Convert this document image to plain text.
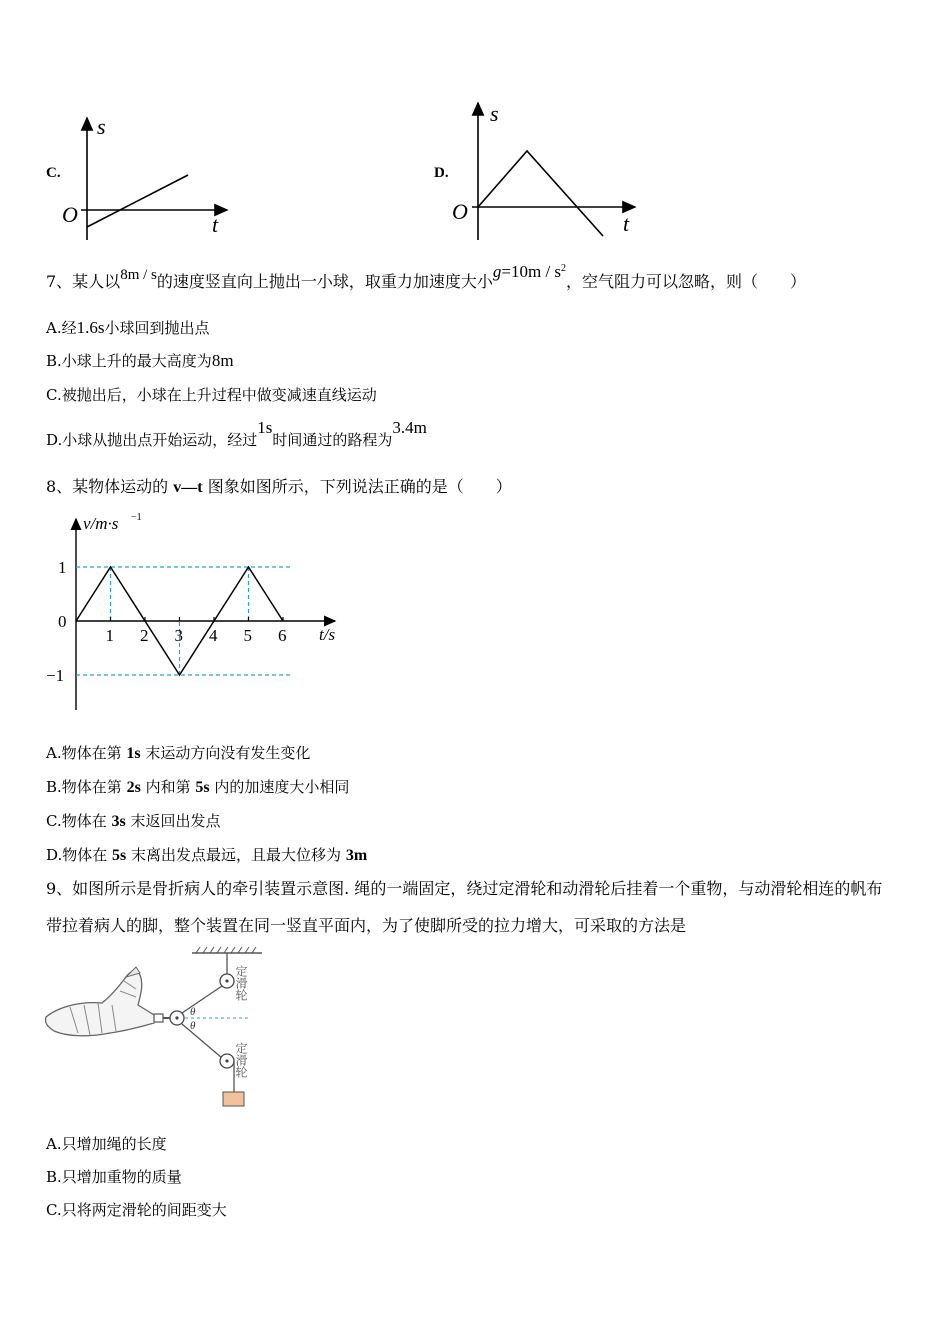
C.
s
t
O
D.
s
t
O
7、某人以8m / s的速度竖直向上抛出一小球，取重力加速度大小$g=10m / s^2$，空气阻力可以忽略，则（　　）
A.经1.6s小球回到抛出点
B.小球上升的最大高度为8m
C.被抛出后，小球在上升过程中做变减速直线运动
D.小球从抛出点开始运动，经过1s时间通过的路程为3.4m
8、某物体运动的 v—t 图象如图所示，下列说法正确的是（　　）
1 2 3 4 5 6
1
0
−1
v/m·s −1
t/s
A.物体在第 1s 末运动方向没有发生变化
B.物体在第 2s 内和第 5s 内的加速度大小相同
C.物体在 3s 末返回出发点
D.物体在 5s 末离出发点最远，且最大位移为 3m
9、如图所示是骨折病人的牵引装置示意图. 绳的一端固定，绕过定滑轮和动滑轮后挂着一个重物，与动滑轮相连的帆布
带拉着病人的脚，整个装置在同一竖直平面内，为了使脚所受的拉力增大，可采取的方法是
θ
θ
定滑轮
定滑轮
A.只增加绳的长度
B.只增加重物的质量
C.只将两定滑轮的间距变大
